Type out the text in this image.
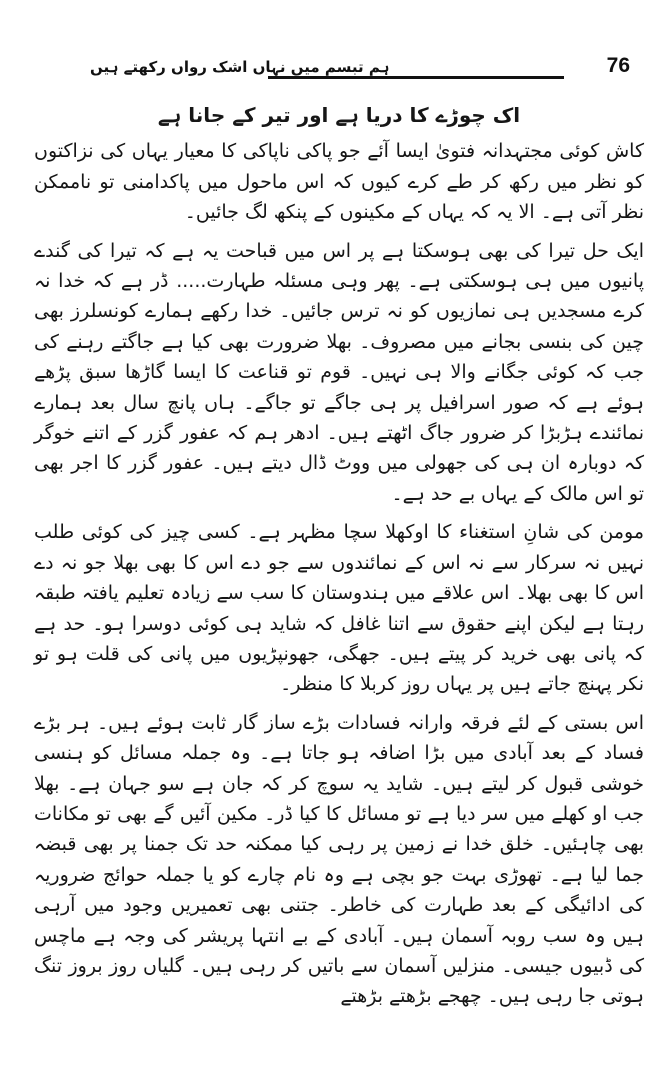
ہم تبسم میں نہاں اشک رواں رکھتے ہیں	76

اک چوڑے کا دریا ہے اور تیر کے جانا ہے

کاش کوئی مجتہدانہ فتویٰ ایسا آئے جو پاکی ناپاکی کا معیار یہاں کی نزاکتوں کو نظر میں رکھ کر طے کرے کیوں کہ اس ماحول میں پاکدامنی تو ناممکن نظر آتی ہے۔ الا یہ کہ یہاں کے مکینوں کے پنکھ لگ جائیں۔

ایک حل تیرا کی بھی ہوسکتا ہے پر اس میں قباحت یہ ہے کہ تیرا کی گندے پانیوں میں ہی ہوسکتی ہے۔ پھر وہی مسئلہ طہارت..... ڈر ہے کہ خدا نہ کرے مسجدیں ہی نمازیوں کو نہ ترس جائیں۔ خدا رکھے ہمارے کونسلرز بھی چین کی بنسی بجانے میں مصروف۔ بھلا ضرورت بھی کیا ہے جاگتے رہنے کی جب کہ کوئی جگانے والا ہی نہیں۔ قوم تو قناعت کا ایسا گاڑھا سبق پڑھے ہوئے ہے کہ صور اسرافیل پر ہی جاگے تو جاگے۔ ہاں پانچ سال بعد ہمارے نمائندے ہڑبڑا کر ضرور جاگ اٹھتے ہیں۔ ادھر ہم کہ عفور گزر کے اتنے خوگر کہ دوبارہ ان ہی کی جھولی میں ووٹ ڈال دیتے ہیں۔ عفور گزر کا اجر بھی تو اس مالک کے یہاں بے حد ہے۔

مومن کی شانِ استغناء کا اوکھلا سچا مظہر ہے۔ کسی چیز کی کوئی طلب نہیں نہ سرکار سے نہ اس کے نمائندوں سے جو دے اس کا بھی بھلا جو نہ دے اس کا بھی بھلا۔ اس علاقے میں ہندوستان کا سب سے زیادہ تعلیم یافتہ طبقہ رہتا ہے لیکن اپنے حقوق سے اتنا غافل کہ شاید ہی کوئی دوسرا ہو۔ حد ہے کہ پانی بھی خرید کر پیتے ہیں۔ جھگی، جھونپڑیوں میں پانی کی قلت ہو تو نکر پہنچ جاتے ہیں پر یہاں روز کربلا کا منظر۔

اس بستی کے لئے فرقہ وارانہ فسادات بڑے ساز گار ثابت ہوئے ہیں۔ ہر بڑے فساد کے بعد آبادی میں بڑا اضافہ ہو جاتا ہے۔ وہ جملہ مسائل کو ہنسی خوشی قبول کر لیتے ہیں۔ شاید یہ سوچ کر کہ جان ہے سو جہان ہے۔ بھلا جب او کھلے میں سر دیا ہے تو مسائل کا کیا ڈر۔ مکین آئیں گے بھی تو مکانات بھی چاہئیں۔ خلق خدا نے زمین پر رہی کیا ممکنہ حد تک جمنا پر بھی قبضہ جما لیا ہے۔ تھوڑی بہت جو بچی ہے وہ نام چارے کو یا جملہ حوائج ضروریہ کی ادائیگی کے بعد طہارت کی خاطر۔ جتنی بھی تعمیریں وجود میں آرہی ہیں وہ سب روبہ آسمان ہیں۔ آبادی کے بے انتہا پریشر کی وجہ ہے ماچس کی ڈبیوں جیسی۔ منزلیں آسمان سے باتیں کر رہی ہیں۔ گلیاں روز بروز تنگ ہوتی جا رہی ہیں۔ چھجے بڑھتے بڑھتے
